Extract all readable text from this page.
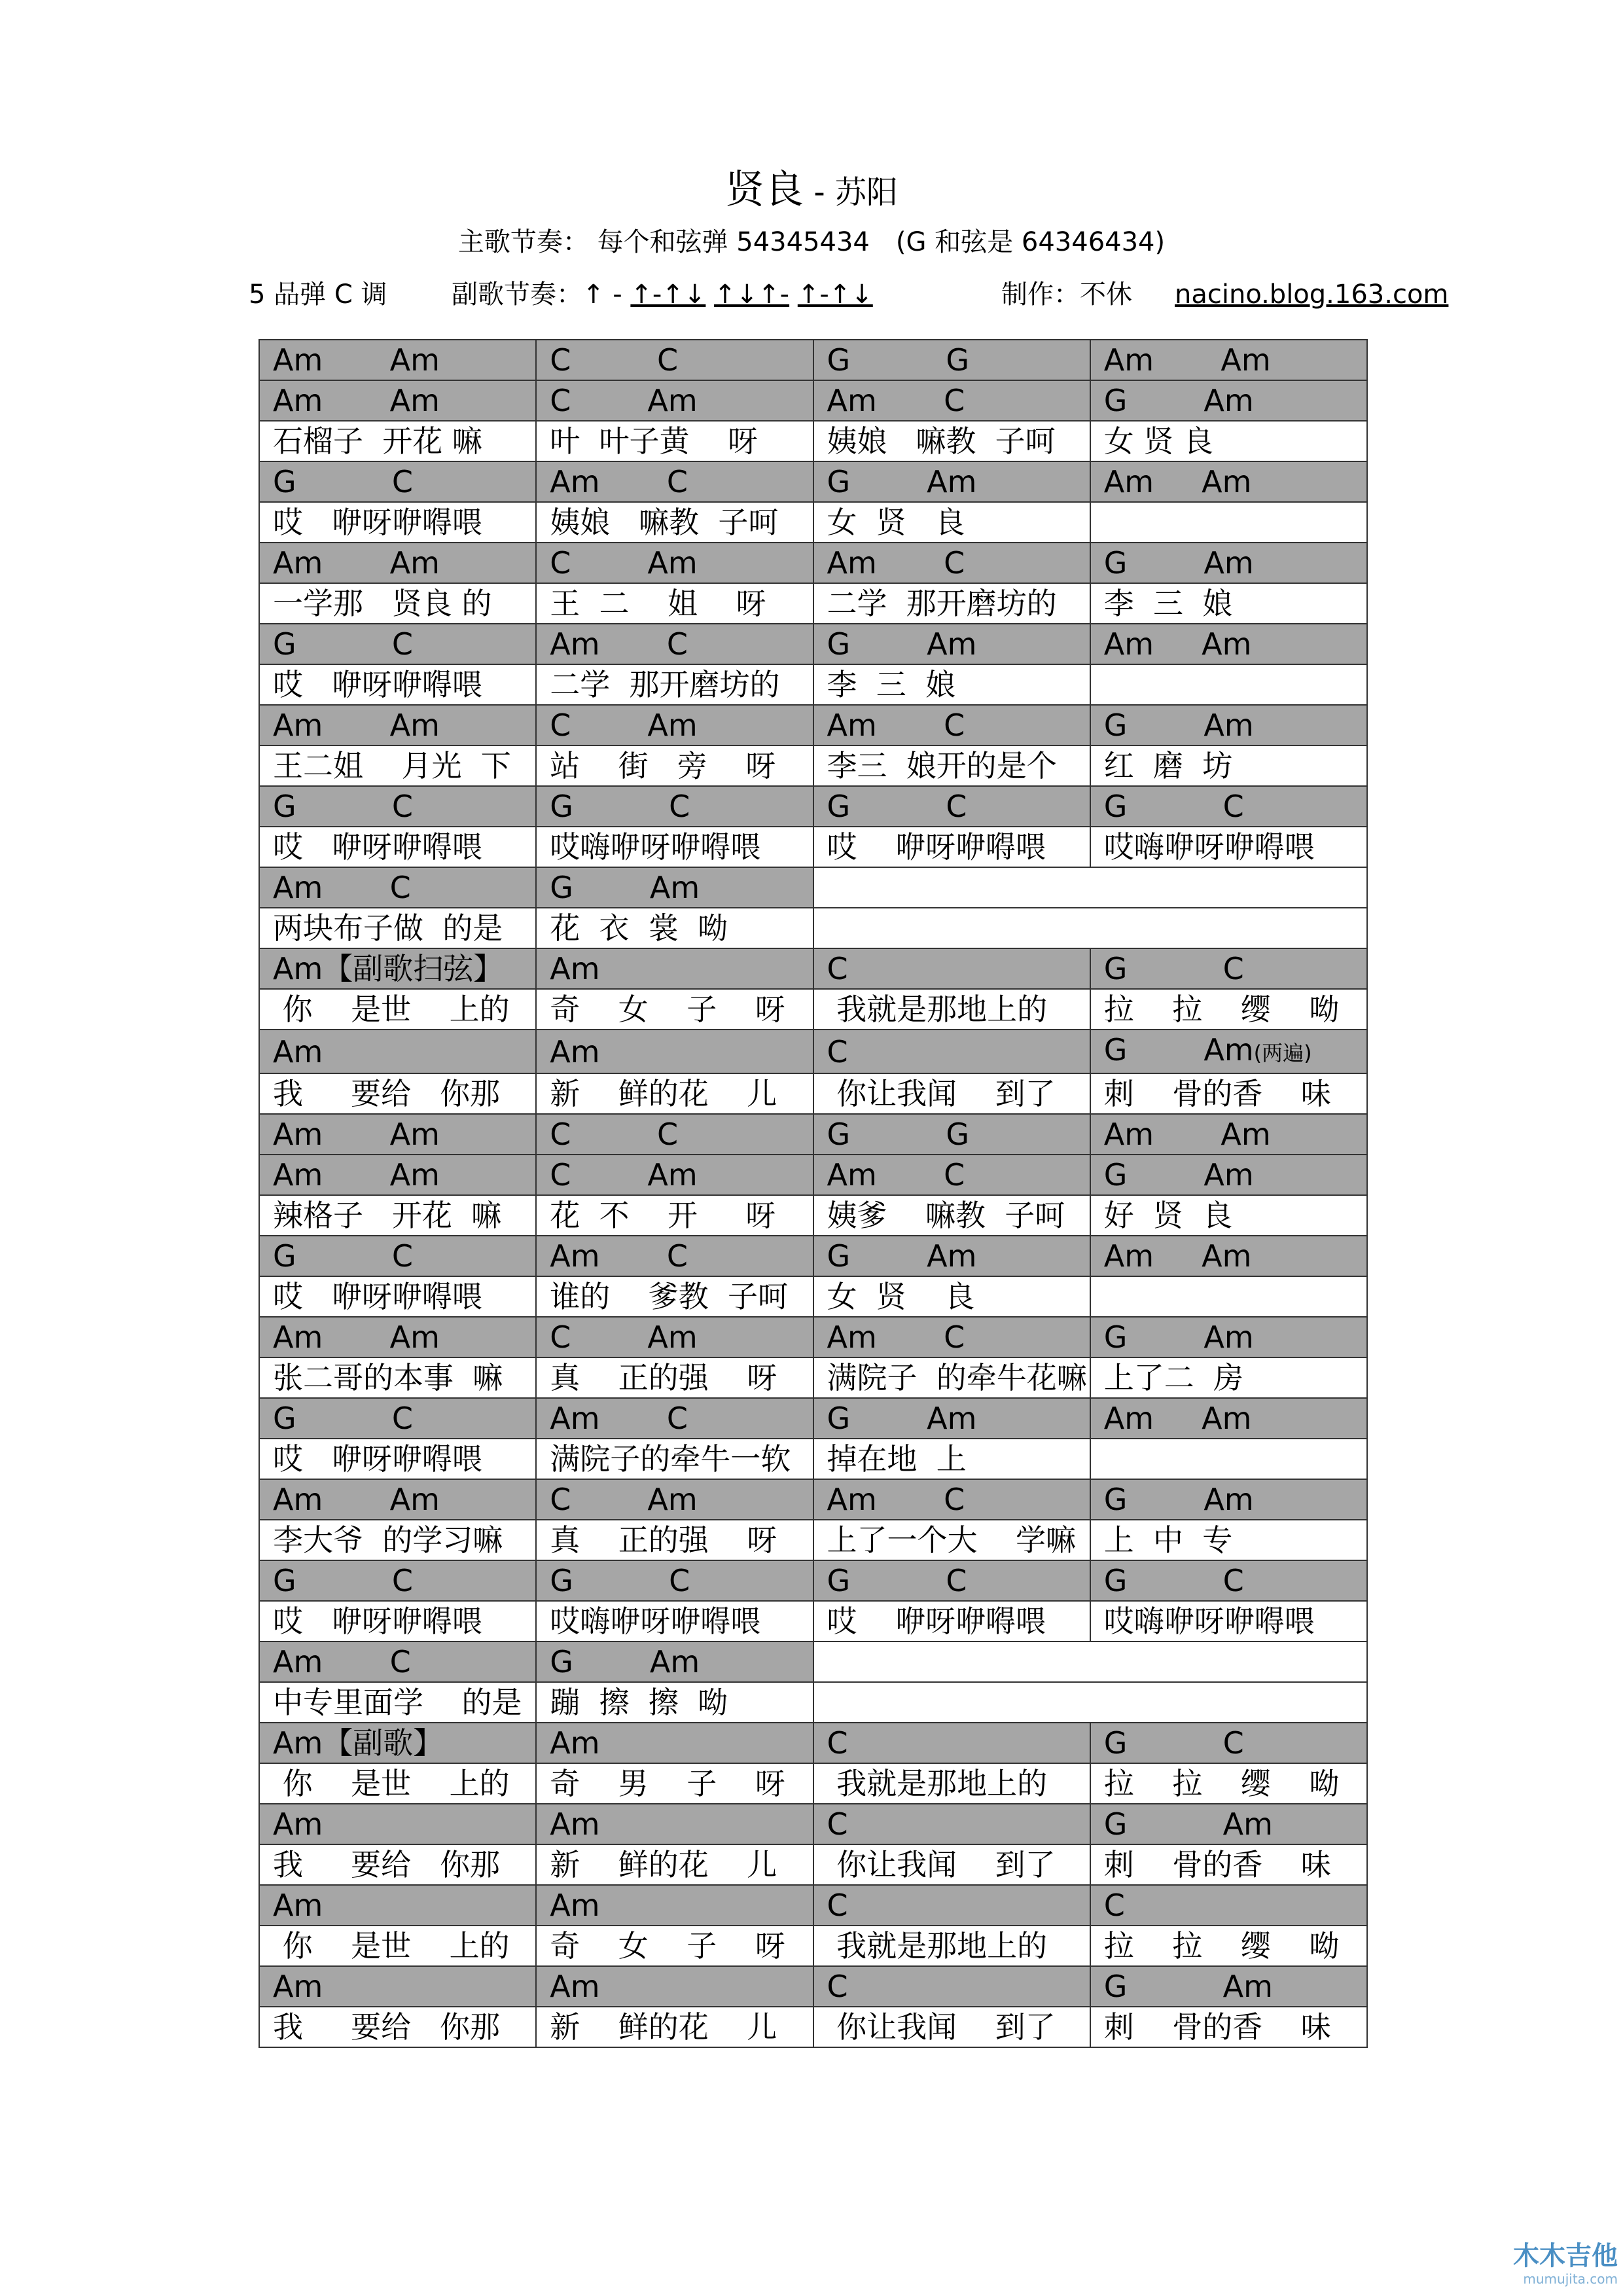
贤良 - 苏阳
主歌节奏： 每个和弦弹 54345434　(G 和弦是 64346434)
5 品弹 C 调 副歌节奏：↑ - ↑-↑↓ ↑↓↑- ↑-↑↓	制作：不休 nacino.blog.163.com
Am       Am	C         C	G          G	Am       Am
Am       Am	C        Am	Am       C	G        Am
石榴子  开花 嘛	叶  叶子黄    呀	姨娘   嘛教  子呵	女 贤 良
G          C	Am       C	G        Am	Am     Am
哎   咿呀咿嘚喂	姨娘   嘛教  子呵	女  贤   良	
Am       Am	C        Am	Am       C	G        Am
一学那   贤良 的	王  二    姐    呀	二学  那开磨坊的	李  三  娘
G          C	Am       C	G        Am	Am     Am
哎   咿呀咿嘚喂	二学  那开磨坊的	李  三  娘	
Am       Am	C        Am	Am       C	G        Am
王二姐    月光  下	站    街   旁    呀	李三  娘开的是个	红  磨  坊
G          C	G          C	G          C	G          C
哎   咿呀咿嘚喂	哎嗨咿呀咿嘚喂	哎    咿呀咿嘚喂	哎嗨咿呀咿嘚喂
Am       C	G        Am		
两块布子做  的是	花  衣  裳  呦		
Am【副歌扫弦】	Am	C	G          C
你    是世    上的	奇    女    子    呀	我就是那地上的	拉    拉    缨    呦
Am	Am	C	G        Am(两遍)
我     要给   你那	新    鲜的花    儿	你让我闻    到了	刺    骨的香    味
Am       Am	C         C	G          G	Am       Am
Am       Am	C        Am	Am       C	G        Am
辣格子   开花  嘛	花  不    开     呀	姨爹    嘛教  子呵	好  贤  良
G          C	Am       C	G        Am	Am     Am
哎   咿呀咿嘚喂	谁的    爹教  子呵	女  贤    良	
Am       Am	C        Am	Am       C	G        Am
张二哥的本事  嘛	真    正的强    呀	满院子  的牵牛花嘛	上了二  房
G          C	Am       C	G        Am	Am     Am
哎   咿呀咿嘚喂	满院子的牵牛一软	掉在地  上	
Am       Am	C        Am	Am       C	G        Am
李大爷  的学习嘛	真    正的强    呀	上了一个大    学嘛	上  中  专
G          C	G          C	G          C	G          C
哎   咿呀咿嘚喂	哎嗨咿呀咿嘚喂	哎    咿呀咿嘚喂	哎嗨咿呀咿嘚喂
Am       C	G        Am		
中专里面学    的是	蹦  擦  擦  呦		
Am【副歌】	Am	C	G          C
你    是世    上的	奇    男    子    呀	我就是那地上的	拉    拉    缨    呦
Am	Am	C	G          Am
我     要给   你那	新    鲜的花    儿	你让我闻    到了	刺    骨的香    味
Am	Am	C	C
你    是世    上的	奇    女    子    呀	我就是那地上的	拉    拉    缨    呦
Am	Am	C	G          Am
我     要给   你那	新    鲜的花    儿	你让我闻    到了	刺    骨的香    味
木木吉他
mumujita.com
